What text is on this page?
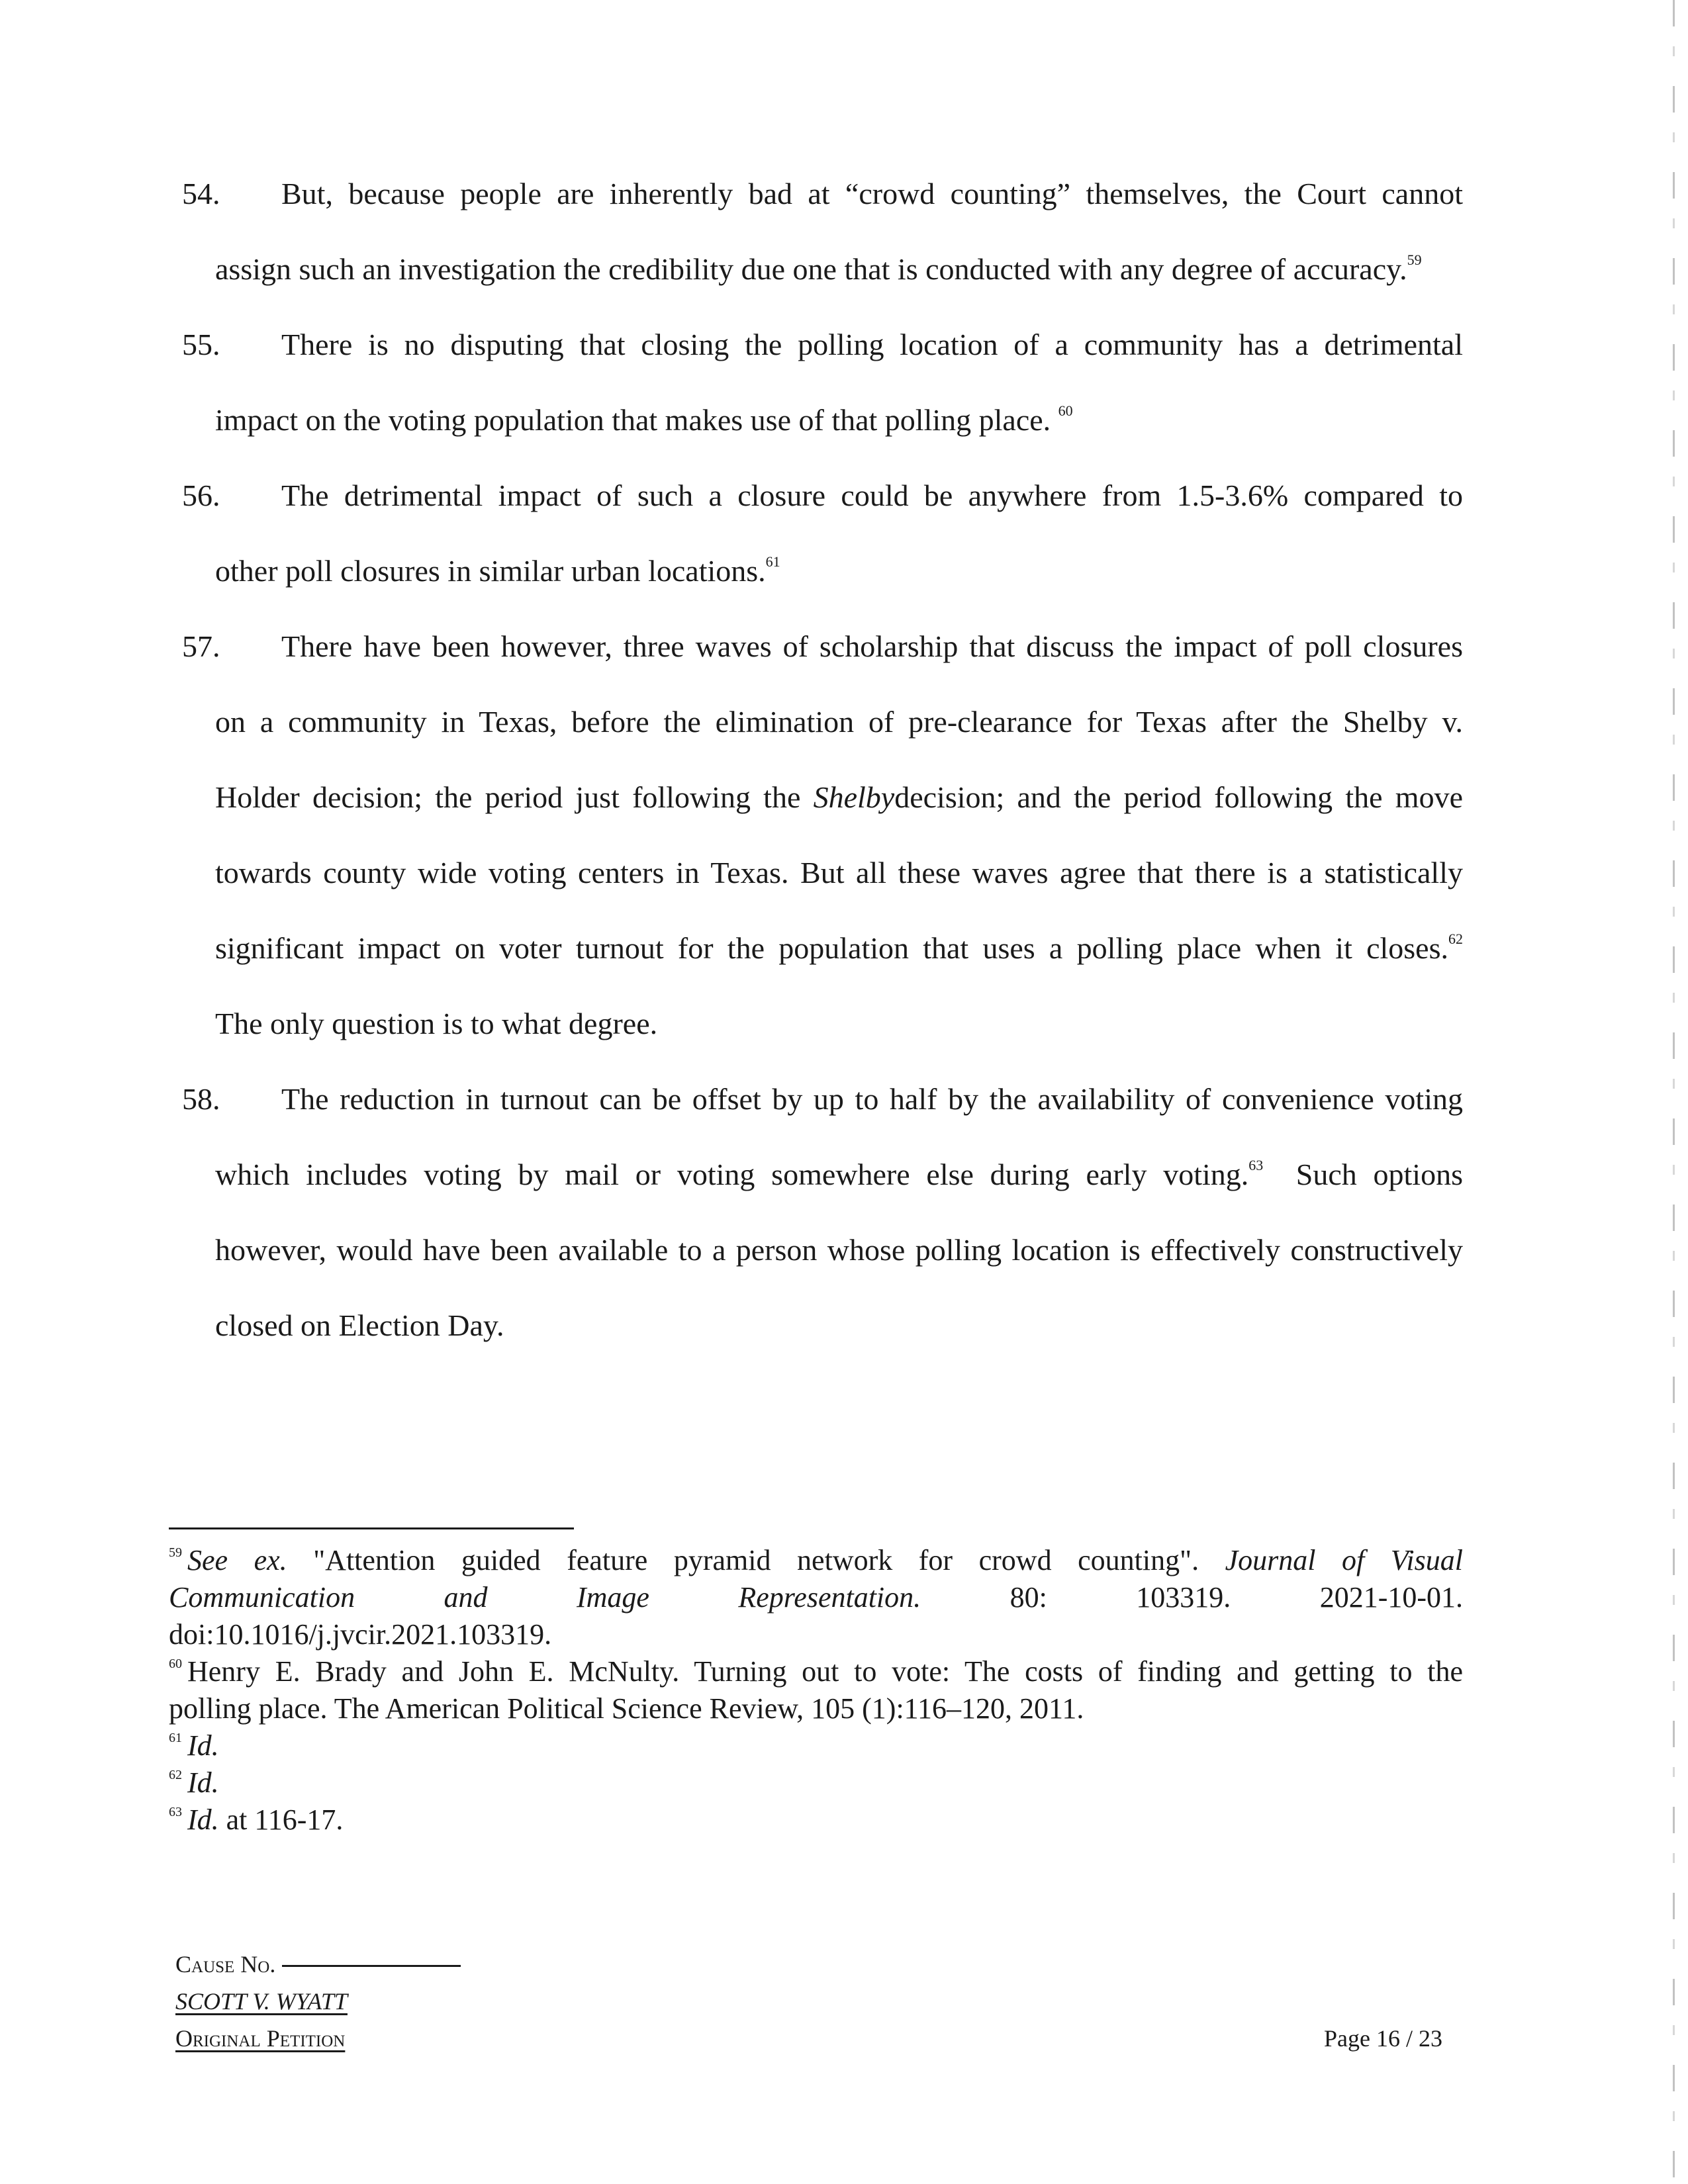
54. But, because people are inherently bad at “crowd counting” themselves, the Court cannot
assign such an investigation the credibility due one that is conducted with any degree of accuracy.$^{59}$
55. There is no disputing that closing the polling location of a community has a detrimental
impact on the voting population that makes use of that polling place. $^{60}$
56. The detrimental impact of such a closure could be anywhere from 1.5-3.6% compared to
other poll closures in similar urban locations.$^{61}$
57. There have been however, three waves of scholarship that discuss the impact of poll closures
on a community in Texas, before the elimination of pre-clearance for Texas after the Shelby v.
Holder decision; the period just following the Shelbydecision; and the period following the move
towards county wide voting centers in Texas. But all these waves agree that there is a statistically
significant impact on voter turnout for the population that uses a polling place when it closes.$^{62}$
The only question is to what degree.
58. The reduction in turnout can be offset by up to half by the availability of convenience voting
which includes voting by mail or voting somewhere else during early voting.$^{63}$  Such options
however, would have been available to a person whose polling location is effectively constructively
closed on Election Day.
$^{59}$ See ex. "Attention guided feature pyramid network for crowd counting". Journal of Visual
Communication	and	Image	Representation.	80:	103319.	2021-10-01.
doi:10.1016/j.jvcir.2021.103319.
$^{60}$ Henry E. Brady and John E. McNulty. Turning out to vote: The costs of finding and getting to the
polling place. The American Political Science Review, 105 (1):116–120, 2011.
$^{61}$ Id.
$^{62}$ Id.
$^{63}$ Id. at 116-17.
Cause No.
SCOTT V. WYATT
Original Petition	Page 16 / 23
